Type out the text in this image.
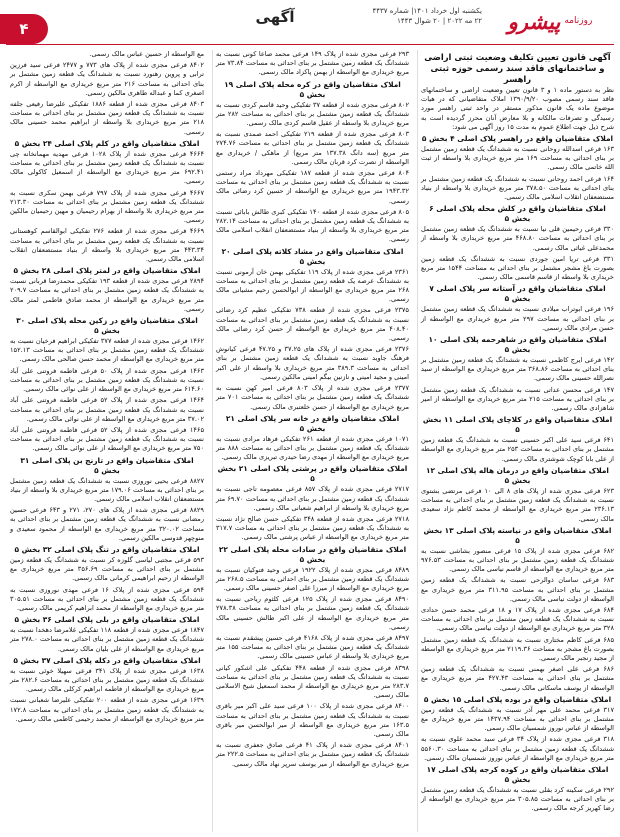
روزنامه
پیشرو
یکشنبه اول خرداد ۱۴۰۱| شماره ۴۴۳۷
۲۲ مه ۲۰۲۲ | ۲۰ شوال ۱۴۴۳
آگهی
۴
آگهی قانون تعیین تکلیف وضعیت ثبتی اراضی و ساختمانهای فاقد سند رسمی حوزه ثبتی راهسر

نظر به دستور ماده ۱ و ۳ قانون تعیین وضعیت اراضی و ساختمانهای فاقد سند رسمی مصوب ۱۳۹۰/۹/۲۰ املاک متقاضیانی که در هیات موضوع ماده یک قانون مذکور مستقر در واحد ثبتی راهسر مورد رسیدگی و تصرفات مالکانه و بلا معارض آنان محرز گردیده است به شرح ذیل جهت اطلاع عموم به مدت ۱۵ روز آگهی می شود:

املاک متقاضیان واقع در راهسر پلاک اصلی ۴ بخش ۵

۱۶۳ فرعی اسدالله روحانی نسبت به ششدانگ یک قطعه زمین مشتمل بر بنای احداثی به مساحت ۱۶۹ متر مربع خریداری بلا واسطه از ثبت الله خاتمی مالک رسمی.

۱۶۴ فرعی احمد روحانی نسبت به ششدانگ یک قطعه زمین مشتمل بر بنای احداثی به مساحت ۳۷۸.۵۰ متر مربع خریداری بلا واسطه از بنیاد مستضعفان انقلاب اسلامی مالک رسمی.

املاک متقاضیان واقع در کلش محله پلاک اصلی ۶ بخش ۵

۳۳۰ فرعی رحیمین قلی نیا نسبت به ششدانگ یک قطعه زمین مشتمل بر بنای احداثی به مساحت ۴۶۸.۸۰ متر مربع خریداری بلا واسطه از محمدعلی غیاثی مالک رسمی.

۳۳۱ فرعی تریا امین جوردی نسبت به ششدانگ یک قطعه زمین بصورت باغ مشجر مشتمل بر بنای احداثی به مساحت ۱۵۴۴ متر مربع خریداری بلا واسطه از قاسم قاسمی مالک رسمی.

املاک متقاضیان واقع در آستانه سر پلاک اصلی ۷ بخش ۵

۱۹۶ فرعی ابوتراب میلادی نسبت به ششدانگ یک قطعه زمین مشتمل بر بنای احداثی به مساحت ۲۹۷ متر مربع خریداری مع الواسطه از حسن مرادی مالک رسمی.

املاک متقاضیان واقع در شاهرحمه پلاک اصلی ۱۰ بخش ۵

۱۴۲ فرعی ایرج کاظمی نسبت به ششدانگ یک قطعه زمین مشتمل بر بنای احداثی به مساحت ۳۶۸.۸۶ متر مربع خریداری مع الواسطه از سید نصرالله حسینی مالک رسمی.

۱۴۷ فرعی محسن عداتی نسبت به ششدانگ یک قطعه زمین مشتمل بر بنای احداثی به مساحت ۲۱۵ متر مربع خریداری مع الواسطه از امیر شاهزادی مالک رسمی.

املاک متقاضیان واقع در کلاچای پلاک اصلی ۱۱ بخش ۵

۶۴۱ فرعی سید علی اکبر حسینی نسبت به ششدانگ یک قطعه زمین مشتمل بر بنای احداثی به مساحت ۲۵۳ متر مربع خریداری مع الواسطه از علی بابا کوچک شوشتری مالک رسمی.

املاک متقاضیان واقع در درمان هاله پلاک اصلی ۱۲ بخش ۵

۶۲۳ فرعی مجزی شده از پلاک های ۸ الی ۱۰ فرعی مرتضی بشتوی نسبت به ششدانگ یک قطعه زمین مشتمل بر بنای احداثی به مساحت ۲۳۶.۱۳ متر مربع خریداری مع الواسطه از محمد کاظم نژاد سعیدی مالک رسمی.

املاک متقاضیان واقع در نیاسته پلاک اصلی ۱۳ بخش ۵

۶۸۲ فرعی مجزی شده از پلاک ۱۵ فرعی منصور بشاشی نسبت به ششدانگ یک قطعه زمین مشتمل بر بنای احداثی به مساحت ۹۷۶.۵۳ متر مربع خریداری مع الواسطه از قاسم نیاسی مالک رسمی.

۶۸۳ فرعی ساسان ذوالرحی نسبت به ششدانگ یک قطعه زمین مشتمل بر بنای احداثی به مساحت ۳۱۱.۹۵ متر مربع خریداری مع الواسطه از دولت نیاسی مالک رسمی.

۶۸۴ فرعی مجزی شده از پلاک ۱۷ و ۱۸ فرعی محمد حسن حدادی نسبت به ششدانگ یک قطعه زمین مشتمل بر بنای احداثی به مساحت ۳۲۸ متر مربع خریداری مع الواسطه از دولت نیاسی مالک رسمی.

۶۸۵ فرعی کاظم مختاری نسبت به ششدانگ یک قطعه زمین مشتمل بصورت باغ مشجر به مساحت ۲۱۱۹.۳۶ متر مربع خریداری مع الواسطه از مجید رنجبر مالک رسمی.

۶۸۶ فرعی علی اصغر بهمنی نسبت به ششدانگ یک قطعه زمین مشتمل بر بنای احداثی به مساحت ۴۲۷.۴۳ متر مربع خریداری مع الواسطه از یوسف ماسکانی مالک رسمی.

املاک متقاضیان واقع در بوده پلاک اصلی ۱۵ بخش ۵

۳۱۷ فرعی محمد علی مهر آذر نسبت به ششدانگ یک قطعه زمین مشتمل بر بنای احداثی به مساحت ۱۴۳۷.۹۴ متر مربع خریداری مع الواسطه از عباس نوروز شمسیان مالک رسمی.

۳۱۸ فرعی مجزی شده از پلاک ۳۴ فرعی سید محمد علوی نسبت به ششدانگ یک قطعه زمین مشتمل بر بنای احداثی به مساحت ۵۵۶۰.۳۰ متر مربع خریداری مع الواسطه از عباس نوروز شمسیان مالک رسمی.

املاک متقاضیان واقع در کوده کرجه پلاک اصلی ۱۷ بخش ۵

۲۹۲ فرعی سکینه کرد بقلی نسبت به ششدانگ یک قطعه زمین مشتمل بر بنای احداثی به مساحت ۳۰۵.۸۵ متر مربع خریداری مع الواسطه از رضا کهریز کرجه مالک رسمی.

۲۹۳ فرعی مجزی شده از پلاک ۱۴۹ فرعی محمد صاعا کونی نسبت به ششدانگ یک قطعه زمین مشتمل بر بنای احداثی به مساحت ۷۳.۸۴ متر مربع خریداری مع الواسطه از بهمن پاکزاد مالک رسمی.

املاک متقاضیان واقع در کره محله پلاک اصلی ۱۹ بخش ۵

۸۰۲ فرعی مجزی شده از قطعه ۳۷ تفکیکی وحید قاسم کردی نسبت به ششدانگ یک قطعه زمین مشتمل بر بنای احداثی به مساحت ۲۸۲ متر مربع خریداری بلا واسطه از عقیل قاسم کردی مالک رسمی.

۸۰۳ فرعی مجزی شده از قطعه ۲۱۹ تفکیکی احمد صمدی نسبت به ششدانگ یک قطعه زمین مشتمل بر بنای احداثی به مساحت ۲۷۴.۷۶ متر مربع (سه دانگ ۱۳۷.۳۸ متر مربع) از ماهکی / خریداری مع الواسطه از نصرت کرد قربان مالک رسمی.

۸۰۴ فرعی مجزی شده از قطعه ۱۸۷ تفکیکی مهرداد مراد رستمی نسبت به ششدانگ یک قطعه زمین مشتمل بر بنای احداثی به مساحت ۱۹۴۳.۳۲ متر مربع خریداری مع الواسطه از حسین کرد رضائی مالک رسمی.

۸۰۵ فرعی مجزی شده از قطعه ۱۴۰ تفکیکی کبری طالش بابائی نسبت به ششدانگ یک قطعه زمین مشتمل بر بنای احداثی به مساحت ۲۸۲.۱۴ متر مربع خریداری بلا واسطه از بنیاد مستضعفان انقلاب اسلامی مالک رسمی.

املاک متقاضیان واقع در مشاد کلاته پلاک اصلی ۲۰ بخش ۵

۲۳۶۱ فرعی مجزی شده از پلاک ۱۱۹ تفکیکی بهمن خان آرمونی نسبت به ششدانگ عرصه یک قطعه زمین مشتمل بر بنای احداثی به مساحت ۲۶۸ متر مربع خریداری مع الواسطه از ابوالحسن رحیم مشیانی مالک رسمی.

۲۳۷۵ فرعی مجزی شده از قطعه ۷۳۸ تفکیکی عظیم کرد رضائی نسبت به ششدانگ یک قطعه زمین مشتمل بر بنای احداثی به مساحت ۴۰۸.۴۰ متر مربع خریداری مع الواسطه از حسن کرد رضائی مالک رسمی.

۲۳۷۶ فرعی مجزی شده از پلاک های ۳۷.۲۵ و ۴۷.۲۵ فرعی کیانوش فرهنگ جاوید نسبت به ششدانگ یک قطعه زمین مشتمل بر بنای احداثی به مساحت ۳۸۹.۳ متر مربع خریداری بلا واسطه از علی اکبر امینی و مجید امینی و نازنین بیگم امینی مالکین رسمی.

۲۳۷۷ فرعی مجزی شده از پلاک ۸۰۳ فرعی امیر کهن نسبت به ششدانگ یک قطعه زمین مشتمل بر بنای احداثی به مساحت ۷۰۱ متر مربع خریداری مع الواسطه از حسن خلعتبری مالک رسمی.

املاک متقاضیان واقع در خانه سر پلاک اصلی ۲۱ بخش ۵

۱۰۷۱ فرعی مجزی شده از قطعه ۲۶۱ تفکیکی فرهاد مرادی نسبت به ششدانگ یک قطعه زمین مشتمل بر بنای احداثی به مساحت ۸۸۸ متر مربع خریداری مع الواسطه از مهدی رضا حیدری تبریزی مالک رسمی.

املاک متقاضیان واقع در پرشتی پلاک اصلی ۲۱ بخش ۵

۲۷۱۷ فرعی مجزی شده از پلاک ۸۵۷ فرعی معصومه تاجی نسبت به ششدانگ یک قطعه زمین مشتمل بر بنای احداثی به مساحت ۶۹.۷۰ متر مربع خریداری بلا واسطه از ابراهیم شعبانی مالک رسمی.

۲۷۱۸ فرعی مجزی شده از قطعه ۳۴۸ تفکیکی حسن صالح نژاد نسبت به ششدانگ یک قطعه زمین مشتمل بر بنای احداثی به مساحت ۳۱۷.۷ متر مربع خریداری مع الواسطه از عباس پرشتی مالک رسمی.

املاک متقاضیان واقع در سادات محله پلاک اصلی ۲۲ بخش ۵

۸۴۸۹ فرعی مجزی شده از پلاک ۱۹۲۲ فرعی وحید فتوکیان نسبت به ششدانگ یک قطعه زمین مشتمل بر بنای احداثی به مساحت ۲۶۸.۵ متر مربع خریداری مع الواسطه از میرزا علی اصغر حسینی مالک رسمی.

۸۴۹۰ فرعی مجزی شده از پلاک ۱۲۵ فرعی کلثوم ریاحی نسبت به ششدانگ یک قطعه زمین مشتمل بر بنای احداثی به مساحت ۲۷۸.۳۸ متر مربع خریداری مع الواسطه از علی اکبر طالش حسینی مالک رسمی.

۸۴۹۷ فرعی مجزی شده از پلاک ۴۱۶۸ فرعی حسین پیشقدم نسبت به ششدانگ یک قطعه زمین مشتمل بر بنای احداثی به مساحت ۱۵۵ متر مربع خریداری بلا واسطه از عباس حسینی مالک رسمی.

۸۳۹۸ فرعی مجزی شده از قطعه ۴۴۸ تفکیکی علی اشکور کیانی نسبت به ششدانگ یک قطعه زمین مشتمل بر بنای احداثی به مساحت ۲۸۳.۷ متر مربع خریداری مع الواسطه از محمد اسمعیل شیخ الاسلامی مالک رسمی.

۸۴۰۰ فرعی مجزی شده از پلاک ۱۰۰ فرعی سید علی اکبر میر باقری نسبت به ششدانگ یک قطعه زمین مشتمل بر بنای احداثی به مساحت ۱۶۳.۵ متر مربع خریداری مع الواسطه از میر ابوالحسن میر باقری مالک رسمی.

۸۴۰۱ فرعی مجزی شده از پلاک ۴۱ فرعی صادق جعفری نسبت به ششدانگ یک قطعه زمین مشتمل بر بنای احداثی به مساحت ۲۲۲.۵ متر مربع خریداری مع الواسطه از میر یوسف سرپر نهاد مالک رسمی.

مع الواسطه از حسین عباس مالک رسمی.

۸۴۰۲ فرعی مجزی شده از پلاک های ۷۷۳ و ۲۴۷۷ فرعی سید فرزین ترابی و پروین رهنورد نسبت به ششدانگ یک قطعه زمین مشتمل بر بنای احداثی به مساحت ۲۱۶ متر مربع خریداری مع الواسطه از اکرم اصغری کما و عبداله طاهری مالکین رسمی.

۸۴۰۳ فرعی مجزی شده از قطعه ۱۸۸۶ تفکیکی علیرضا رفیعی جلفه نسبت به ششدانگ یک قطعه زمین مشتمل بر بنای احداثی به مساحت ۲۱۸ متر مربع خریداری بلا واسطه از ابراهیم محمد حسینی مالک رسمی.

املاک متقاضیان واقع در کلم پلاک اصلی ۲۴ بخش ۵

۴۶۶۴ فرعی مجزی شده از پلاک ۱۰۲۸ فرعی مهدیه مهمانخانه چی نسبت به ششدانگ یک قطعه زمین مشتمل بر بنای احداثی به مساحت ۶۹۲.۴۱ متر مربع خریداری مع الواسطه از اسمعیل کاکولی مالک رسمی.

۴۶۶۷ فرعی مجزی شده از پلاک ۷۹۷ فرعی بهمن سکری نسبت به ششدانگ یک قطعه زمین مشتمل بر بنای احداثی به مساحت ۲۱۳.۳۰ متر مربع خریداری بلا واسطه از بهرام رحیمیان و مهین رحیمیان مالکین رسمی.

۴۶۶۹ فرعی مجزی شده از قطعه ۲۷۶ تفکیکی ابوالقاسم کوهستانی نسبت به ششدانگ یک قطعه زمین مشتمل بر بنای احداثی به مساحت ۴۴۳.۳۴ متر مربع خریداری بلا واسطه از بنیاد مستضعفان انقلاب اسلامی مالک رسمی.

املاک متقاضیان واقع در لمتر پلاک اصلی ۲۸ بخش ۵

۲۸۹۴ فرعی مجزی شده از قطعه ۱۹۳ تفکیکی محمدرضا قربانی نسبت به ششدانگ یک قطعه زمین مشتمل بر بنای احداثی به مساحت ۲۰۹.۷ متر مربع خریداری مع الواسطه از محمد صادق فاطمی لمتر مالک رسمی.

املاک متقاضیان واقع در زکین محله پلاک اصلی ۳۰ بخش ۵

۱۴۶۲ فرعی مجزی شده از قطعه ۳۷۷ تفکیکی ابراهیم فرخیان نسبت به ششدانگ یک قطعه زمین مشتمل بر بنای احداثی به مساحت ۱۵۲.۱۳ متر مربع خریداری مع الواسطه از محمد حسن صالحی مالک رسمی.

۱۴۶۳ فرعی مجزی شده از پلاک ۵۰ فرعی فاطمه فروتنی علی آباد نسبت به ششدانگ یک قطعه زمین مشتمل بر بنای احداثی به مساحت ۶۱۴.۶۰ متر مربع خریداری مع الواسطه از علی نوائی مالک رسمی.

۱۴۶۴ فرعی مجزی شده از پلاک ۵۲ فرعی فاطمه فروتنی علی آباد نسبت به ششدانگ یک قطعه زمین مشتمل بر بنای احداثی به مساحت ۳۷.۰۲ متر مربع خریداری مع الواسطه از علی نوائی مالک رسمی.

۱۴۶۵ فرعی مجزی شده از پلاک ۵۲ فرعی فاطمه فروتنی علی آباد نسبت به ششدانگ یک قطعه زمین مشتمل بر بنای احداثی به مساحت ۷۵۰ متر مربع خریداری مع الواسطه از علی نوائی مالک رسمی.

املاک متقاضیان واقع در تارنج بن پلاک اصلی ۳۱ بخش ۵

۸۸۲۷ فرعی یحیی نوروزی نسبت به ششدانگ یک قطعه زمین مشتمل بر بنای احداثی به مساحت ۱۷۹.۰۶ متر مربع خریداری بلا واسطه از بنیاد مستضعفان انقلاب اسلامی مالک رسمی.

۸۸۲۹ فرعی مجزی شده از پلاک های ۲۷۰، ۲۷۱ و ۶۴۳ فرعی حسین رمضانی نسبت به ششدانگ یک قطعه زمین مشتمل بر بنای احداثی به مساحت ۳۲۰.۰۲ متر مربع خریداری مع الواسطه از محمود سعیدی و منوچهر قدوسی مالکین رسمی.

املاک متقاضیان واقع در تنگ پلاک اصلی ۳۲ بخش ۵

۵۹۳ فرعی مجتبی لیاسی گلوزه کر نسبت به ششدانگ یک قطعه زمین مشتمل بر بنای احداثی به مساحت ۳۵۶.۶۹ متر مربع خریداری مع الواسطه از رحیم ابراهیمی کرمانی مالک رسمی.

۵۹۴ فرعی مجزی شده از پلاک ۱۶ فرعی مهدی نوروزی نسبت به ششدانگ یک قطعه زمین مشتمل بر بنای احداثی به مساحت ۳۰۵.۵۱ متر مربع خریداری مع الواسطه از محمد ابراهیم کریمی مالک رسمی.

املاک متقاضیان واقع در بلی پلاک اصلی ۳۶ بخش ۵

۱۸۴۷ فرعی مجزی شده از قطعه ۱۱۸ تفکیکی غلامرضا دهخدا نسبت به ششدانگ یک قطعه زمین مشتمل بر بنای احداثی به مساحت ۲۷۸.۰ متر مربع خریداری مع الواسطه از علی بلیان مالک رسمی.

املاک متقاضیان واقع در دکله پلاک اصلی ۳۷ بخش ۵

۱۶۳۸ فرعی مجزی شده از پلاک ۳۴۱ فرعی سهیلا خوئی نسبت به ششدانگ یک قطعه زمین مشتمل بر بنای احداثی به مساحت ۲۸۲.۶ متر مربع خریداری مع الواسطه از فاطمه ابراهیم کرکلی مالک رسمی.

۱۶۳۹ فرعی مجزی شده از قطعه ۲۰۰ تفکیکی علیرضا شعبانی نسبت به ششدانگ یک قطعه زمین مشتمل بر بنای احداثی به مساحت ۱۷۲.۸ متر مربع خریداری مع الواسطه از محمد رحیمی کاظمی مالک رسمی.
